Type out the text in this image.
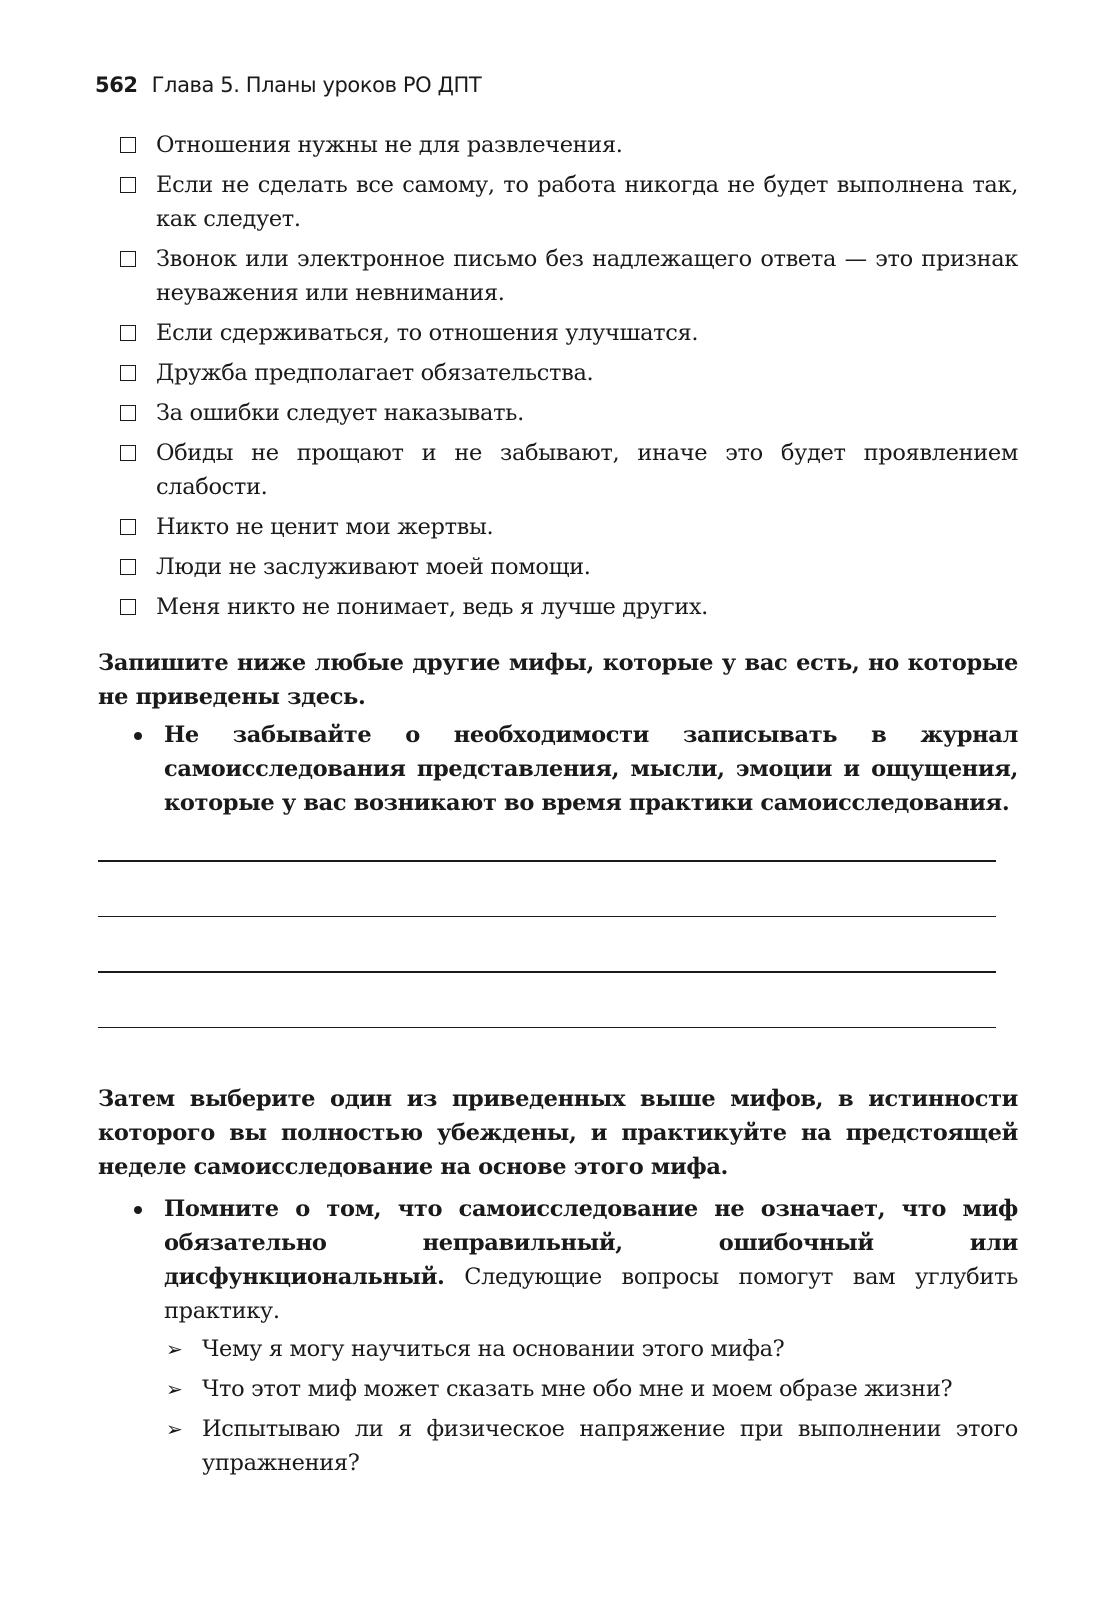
562 Глава 5. Планы уроков РО ДПТ
Отношения нужны не для развлечения.
Если не сделать все самому, то работа никогда не будет выполнена так, как следует.
Звонок или электронное письмо без надлежащего ответа — это признак неуважения или невнимания.
Если сдерживаться, то отношения улучшатся.
Дружба предполагает обязательства.
За ошибки следует наказывать.
Обиды не прощают и не забывают, иначе это будет проявлением слабости.
Никто не ценит мои жертвы.
Люди не заслуживают моей помощи.
Меня никто не понимает, ведь я лучше других.

Запишите ниже любые другие мифы, которые у вас есть, но которые не приведены здесь.

Не забывайте о необходимости записывать в журнал самоисследования представления, мысли, эмоции и ощущения, которые у вас возникают во время практики самоисследования.

Затем выберите один из приведенных выше мифов, в истинности которого вы полностью убеждены, и практикуйте на предстоящей неделе самоисследование на основе этого мифа.

Помните о том, что самоисследование не означает, что миф обязательно неправильный, ошибочный или дисфункциональный. Следующие вопросы помогут вам углубить практику.
➢ Чему я могу научиться на основании этого мифа?
➢ Что этот миф может сказать мне обо мне и моем образе жизни?
➢ Испытываю ли я физическое напряжение при выполнении этого упражнения?
